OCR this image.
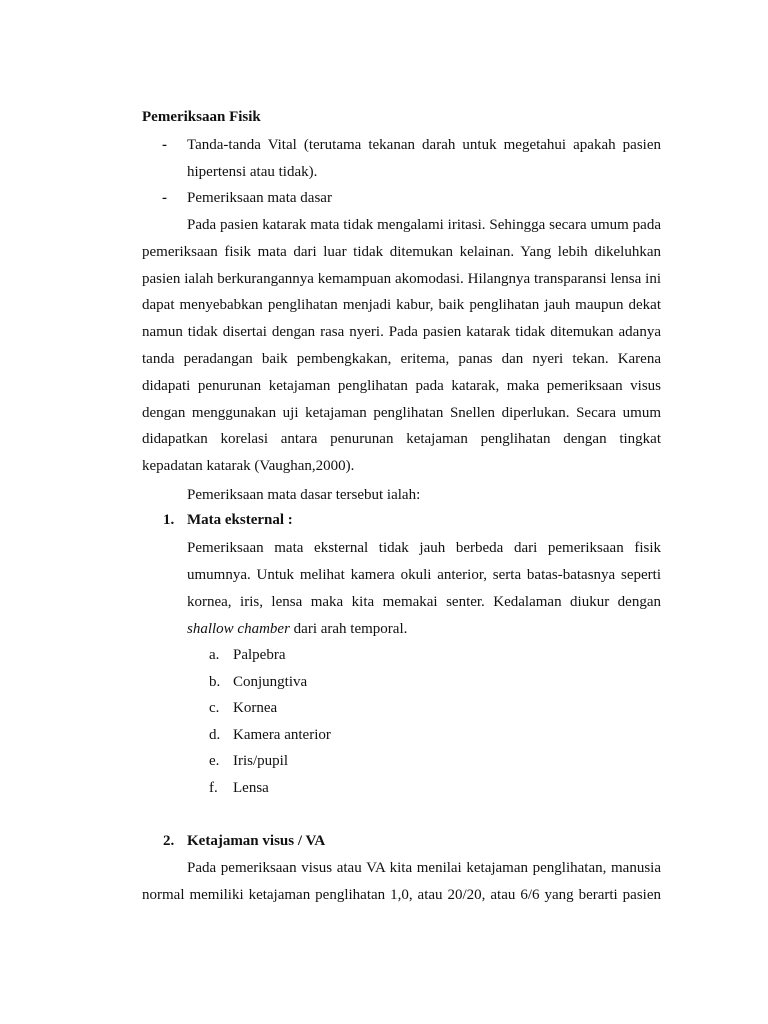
Pemeriksaan Fisik
- Tanda-tanda Vital (terutama tekanan darah untuk megetahui apakah pasien
hipertensi atau tidak).
- Pemeriksaan mata dasar

Pada pasien katarak mata tidak mengalami iritasi. Sehingga secara umum pada pemeriksaan fisik mata dari luar tidak ditemukan kelainan. Yang lebih dikeluhkan pasien ialah berkurangannya kemampuan akomodasi. Hilangnya transparansi lensa ini dapat menyebabkan penglihatan menjadi kabur, baik penglihatan jauh maupun dekat namun tidak disertai dengan rasa nyeri. Pada pasien katarak tidak ditemukan adanya tanda peradangan baik pembengkakan, eritema, panas dan nyeri tekan. Karena didapati penurunan ketajaman penglihatan pada katarak, maka pemeriksaan visus dengan menggunakan uji ketajaman penglihatan Snellen diperlukan. Secara umum didapatkan korelasi antara penurunan ketajaman penglihatan dengan tingkat kepadatan katarak (Vaughan,2000).

Pemeriksaan mata dasar tersebut ialah:

1. Mata eksternal :
Pemeriksaan mata eksternal tidak jauh berbeda dari pemeriksaan fisik
umumnya. Untuk melihat kamera okuli anterior, serta batas-batasnya seperti
kornea, iris, lensa maka kita memakai senter. Kedalaman diukur dengan
shallow chamber dari arah temporal.
a. Palpebra
b. Conjungtiva
c. Kornea
d. Kamera anterior
e. Iris/pupil
f. Lensa
2. Ketajaman visus / VA

Pada pemeriksaan visus atau VA kita menilai ketajaman penglihatan, manusia normal memiliki ketajaman penglihatan 1,0, atau 20/20, atau 6/6 yang berarti pasien
